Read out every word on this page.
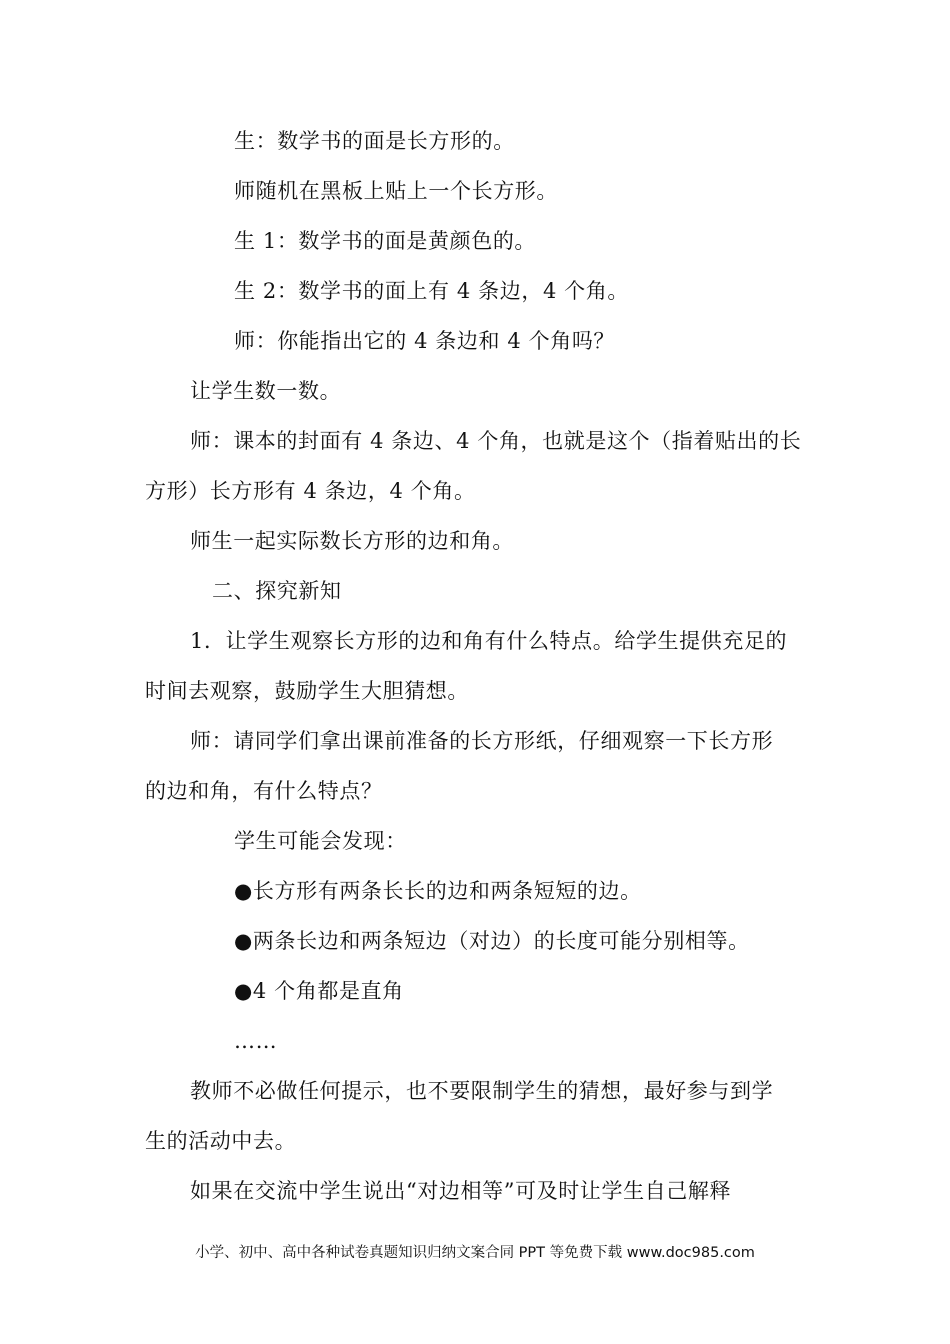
生：数学书的面是长方形的。
师随机在黑板上贴上一个长方形。
生 1：数学书的面是黄颜色的。
生 2：数学书的面上有 4 条边，4 个角。
师：你能指出它的 4 条边和 4 个角吗？
让学生数一数。
师：课本的封面有 4 条边、4 个角，也就是这个（指着贴出的长
方形）长方形有 4 条边，4 个角。
师生一起实际数长方形的边和角。
二、探究新知
1．让学生观察长方形的边和角有什么特点。给学生提供充足的
时间去观察，鼓励学生大胆猜想。
师：请同学们拿出课前准备的长方形纸，仔细观察一下长方形
的边和角，有什么特点？
学生可能会发现：
●长方形有两条长长的边和两条短短的边。
●两条长边和两条短边（对边）的长度可能分别相等。
●4 个角都是直角
……
教师不必做任何提示，也不要限制学生的猜想，最好参与到学
生的活动中去。
如果在交流中学生说出“对边相等”可及时让学生自己解释
小学、初中、高中各种试卷真题知识归纳文案合同 PPT 等免费下载 www.doc985.com
